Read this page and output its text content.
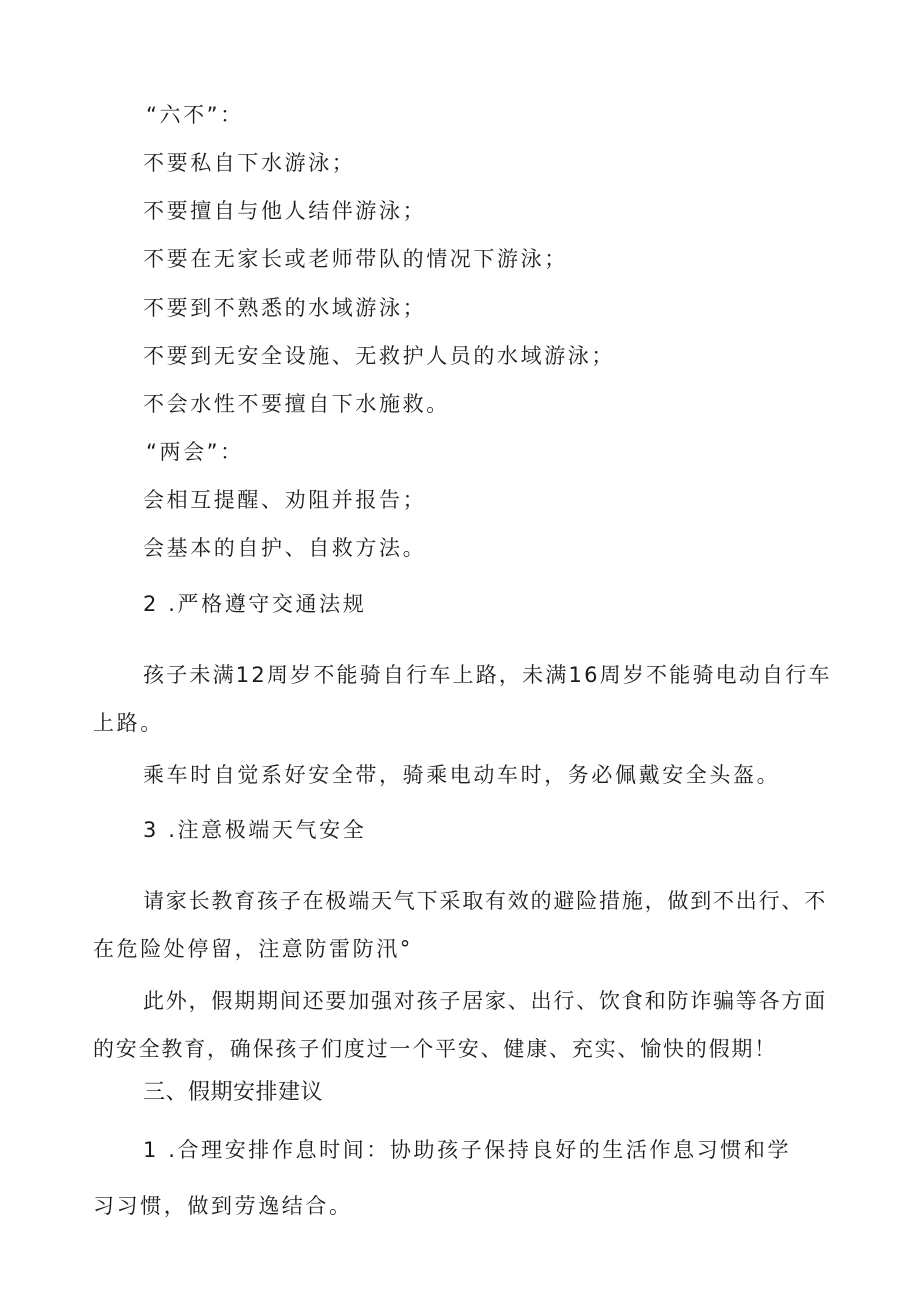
“六不”：
不要私自下水游泳；
不要擅自与他人结伴游泳；
不要在无家长或老师带队的情况下游泳；
不要到不熟悉的水域游泳；
不要到无安全设施、无救护人员的水域游泳；
不会水性不要擅自下水施救。
“两会”：
会相互提醒、劝阻并报告；
会基本的自护、自救方法。
2 .严格遵守交通法规
孩子未满12周岁不能骑自行车上路，未满16周岁不能骑电动自行车
上路。
乘车时自觉系好安全带，骑乘电动车时，务必佩戴安全头盔。
3 .注意极端天气安全
请家长教育孩子在极端天气下采取有效的避险措施，做到不出行、不
在危险处停留，注意防雷防汛°
此外，假期期间还要加强对孩子居家、出行、饮食和防诈骗等各方面
的安全教育，确保孩子们度过一个平安、健康、充实、愉快的假期！
三、假期安排建议
1 .合理安排作息时间：协助孩子保持良好的生活作息习惯和学
习习惯，做到劳逸结合。
